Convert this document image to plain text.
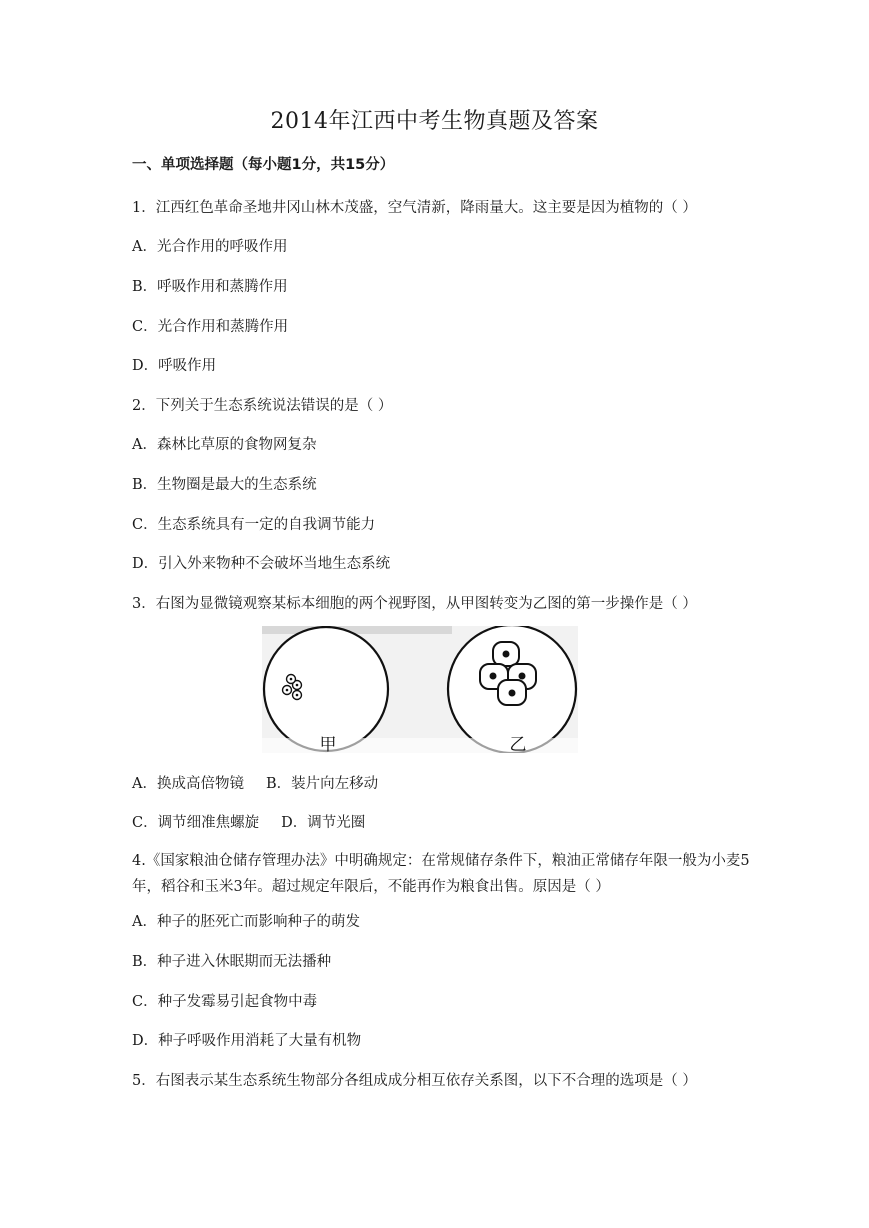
2014年江西中考生物真题及答案
一、单项选择题（每小题1分，共15分）
1．江西红色革命圣地井冈山林木茂盛，空气清新，降雨量大。这主要是因为植物的（ ）
A．光合作用的呼吸作用
B．呼吸作用和蒸腾作用
C．光合作用和蒸腾作用
D．呼吸作用
2．下列关于生态系统说法错误的是（ ）
A．森林比草原的食物网复杂
B．生物圈是最大的生态系统
C．生态系统具有一定的自我调节能力
D．引入外来物种不会破坏当地生态系统
3．右图为显微镜观察某标本细胞的两个视野图，从甲图转变为乙图的第一步操作是（ ）
甲	乙
A．换成高倍物镜 B．装片向左移动
C．调节细准焦螺旋 D．调节光圈
4.《国家粮油仓储存管理办法》中明确规定：在常规储存条件下，粮油正常储存年限一般为小麦5年，稻谷和玉米3年。超过规定年限后，不能再作为粮食出售。原因是（ ）
A．种子的胚死亡而影响种子的萌发
B．种子进入休眠期而无法播种
C．种子发霉易引起食物中毒
D．种子呼吸作用消耗了大量有机物
5．右图表示某生态系统生物部分各组成成分相互依存关系图，以下不合理的选项是（ ）
